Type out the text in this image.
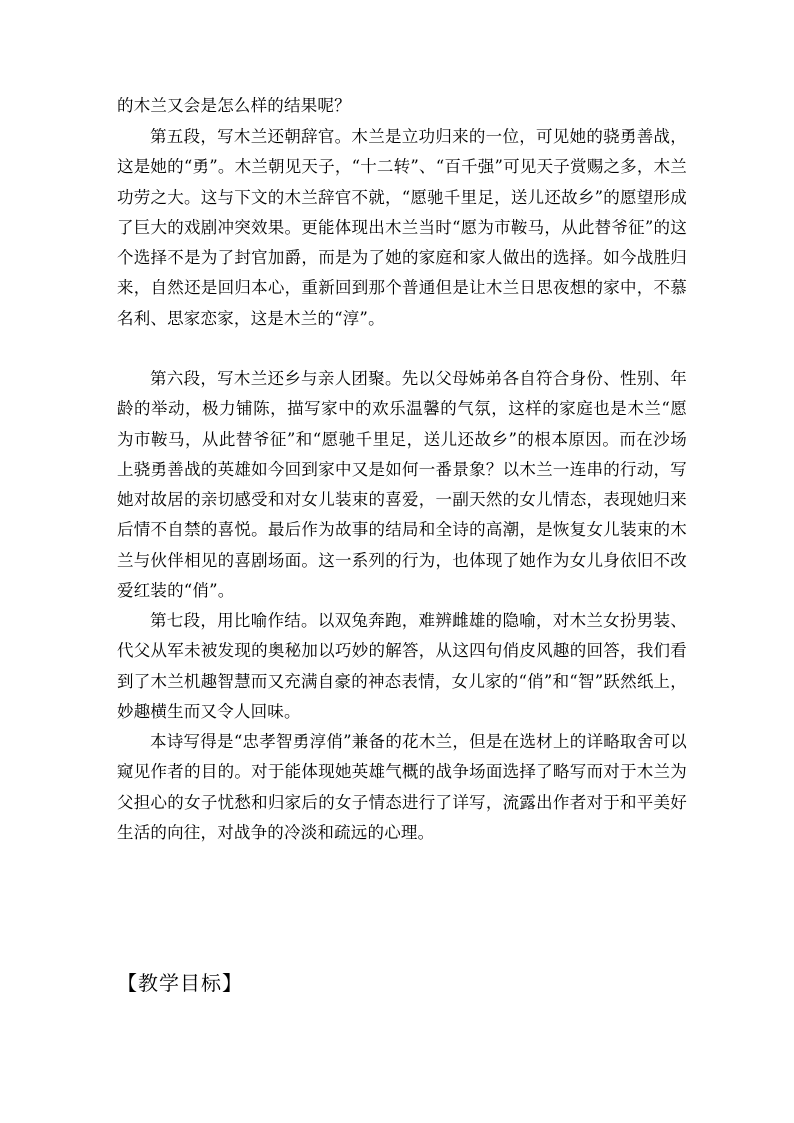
的木兰又会是怎么样的结果呢？

第五段，写木兰还朝辞官。木兰是立功归来的一位，可见她的骁勇善战，这是她的“勇”。木兰朝见天子，“十二转”、“百千强”可见天子赏赐之多，木兰功劳之大。这与下文的木兰辞官不就，“愿驰千里足，送儿还故乡”的愿望形成了巨大的戏剧冲突效果。更能体现出木兰当时“愿为市鞍马，从此替爷征”的这个选择不是为了封官加爵，而是为了她的家庭和家人做出的选择。如今战胜归来，自然还是回归本心，重新回到那个普通但是让木兰日思夜想的家中，不慕名利、思家恋家，这是木兰的“淳”。

第六段，写木兰还乡与亲人团聚。先以父母姊弟各自符合身份、性别、年龄的举动，极力铺陈，描写家中的欢乐温馨的气氛，这样的家庭也是木兰“愿为市鞍马，从此替爷征”和“愿驰千里足，送儿还故乡”的根本原因。而在沙场上骁勇善战的英雄如今回到家中又是如何一番景象？以木兰一连串的行动，写她对故居的亲切感受和对女儿装束的喜爱，一副天然的女儿情态，表现她归来后情不自禁的喜悦。最后作为故事的结局和全诗的高潮，是恢复女儿装束的木兰与伙伴相见的喜剧场面。这一系列的行为，也体现了她作为女儿身依旧不改爱红装的“俏”。

第七段，用比喻作结。以双兔奔跑，难辨雌雄的隐喻，对木兰女扮男装、代父从军未被发现的奥秘加以巧妙的解答，从这四句俏皮风趣的回答，我们看到了木兰机趣智慧而又充满自豪的神态表情，女儿家的“俏”和“智”跃然纸上，妙趣横生而又令人回味。

本诗写得是“忠孝智勇淳俏”兼备的花木兰，但是在选材上的详略取舍可以窥见作者的目的。对于能体现她英雄气概的战争场面选择了略写而对于木兰为父担心的女子忧愁和归家后的女子情态进行了详写，流露出作者对于和平美好生活的向往，对战争的冷淡和疏远的心理。

【教学目标】
